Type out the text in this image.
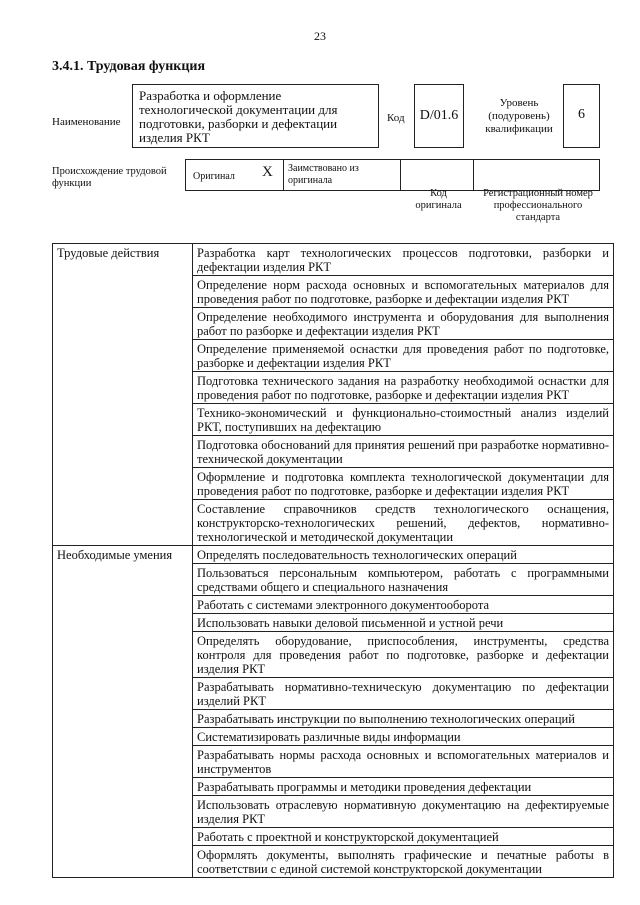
23
3.4.1. Трудовая функция
Наименование
Разработка и оформление технологической документации для подготовки, разборки и дефектации изделия РКТ
Код	D/01.6
Уровень
(подуровень)
квалификации
6
Происхождение трудовой
функции
Оригинал X	Заимствовано из оригинала
Код
оригинала
Регистрационный номер
профессионального
стандарта
Трудовые действия	Разработка карт технологических процессов подготовки, разборки и дефектации изделия РКТ
	Определение норм расхода основных и вспомогательных материалов для проведения работ по подготовке, разборке и дефектации изделия РКТ
	Определение необходимого инструмента и оборудования для выполнения работ по разборке и дефектации изделия РКТ
	Определение применяемой оснастки для проведения работ по подготовке, разборке и дефектации изделия РКТ
	Подготовка технического задания на разработку необходимой оснастки для проведения работ по подготовке, разборке и дефектации изделия РКТ
	Технико-экономический и функционально-стоимостный анализ изделий РКТ, поступивших на дефектацию
	Подготовка обоснований для принятия решений при разработке нормативно-технической документации
	Оформление и подготовка комплекта технологической документации для проведения работ по подготовке, разборке и дефектации изделия РКТ
	Составление справочников средств технологического оснащения, конструкторско-технологических решений, дефектов, нормативно-технологической и методической документации
Необходимые умения	Определять последовательность технологических операций
	Пользоваться персональным компьютером, работать с программными средствами общего и специального назначения
	Работать с системами электронного документооборота
	Использовать навыки деловой письменной и устной речи
	Определять оборудование, приспособления, инструменты, средства контроля для проведения работ по подготовке, разборке и дефектации изделия РКТ
	Разрабатывать нормативно-техническую документацию по дефектации изделий РКТ
	Разрабатывать инструкции по выполнению технологических операций
	Систематизировать различные виды информации
	Разрабатывать нормы расхода основных и вспомогательных материалов и инструментов
	Разрабатывать программы и методики проведения дефектации
	Использовать отраслевую нормативную документацию на дефектируемые изделия РКТ
	Работать с проектной и конструкторской документацией
	Оформлять документы, выполнять графические и печатные работы в соответствии с единой системой конструкторской документации
